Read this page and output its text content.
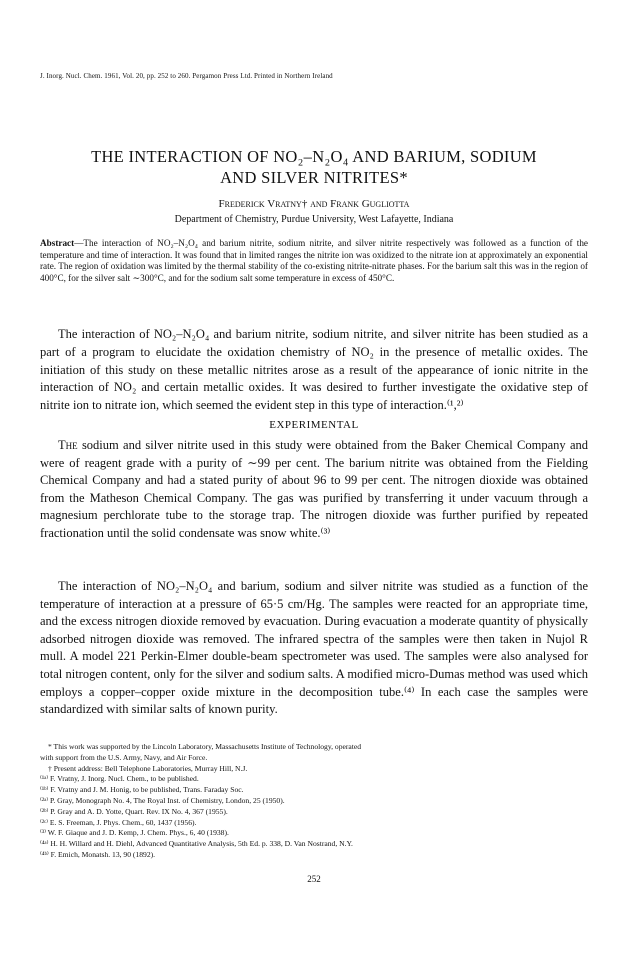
J. Inorg. Nucl. Chem. 1961, Vol. 20, pp. 252 to 260. Pergamon Press Ltd. Printed in Northern Ireland
THE INTERACTION OF NO₂–N₂O₄ AND BARIUM, SODIUM
AND SILVER NITRITES*
Frederick Vratny† and Frank Gugliotta
Department of Chemistry, Purdue University, West Lafayette, Indiana
Abstract—The interaction of NO₂–N₂O₄ and barium nitrite, sodium nitrite, and silver nitrite respectively was followed as a function of the temperature and time of interaction. It was found that in limited ranges the nitrite ion was oxidized to the nitrate ion at approximately an exponential rate. The region of oxidation was limited by the thermal stability of the co-existing nitrite-nitrate phases. For the barium salt this was in the region of 400°C, for the silver salt ∼300°C, and for the sodium salt some temperature in excess of 450°C.

The interaction of NO₂–N₂O₄ and barium nitrite, sodium nitrite, and silver nitrite has been studied as a part of a program to elucidate the oxidation chemistry of NO₂ in the presence of metallic oxides. The initiation of this study on these metallic nitrites arose as a result of the appearance of ionic nitrite in the interaction of NO₂ and certain metallic oxides. It was desired to further investigate the oxidative step of nitrite ion to nitrate ion, which seemed the evident step in this type of interaction.⁽¹,²⁾

EXPERIMENTAL

The sodium and silver nitrite used in this study were obtained from the Baker Chemical Company and were of reagent grade with a purity of ∼99 per cent. The barium nitrite was obtained from the Fielding Chemical Company and had a stated purity of about 96 to 99 per cent. The nitrogen dioxide was obtained from the Matheson Chemical Company. The gas was purified by transferring it under vacuum through a magnesium perchlorate tube to the storage trap. The nitrogen dioxide was further purified by repeated fractionation until the solid condensate was snow white.⁽³⁾

The interaction of NO₂–N₂O₄ and barium, sodium and silver nitrite was studied as a function of the temperature of interaction at a pressure of 65·5 cm/Hg. The samples were reacted for an appropriate time, and the excess nitrogen dioxide removed by evacuation. During evacuation a moderate quantity of physically adsorbed nitrogen dioxide was removed. The infrared spectra of the samples were then taken in Nujol R mull. A model 221 Perkin-Elmer double-beam spectrometer was used. The samples were also analysed for total nitrogen content, only for the silver and sodium salts. A modified micro-Dumas method was used which employs a copper–copper oxide mixture in the decomposition tube.⁽⁴⁾ In each case the samples were standardized with similar salts of known purity.

* This work was supported by the Lincoln Laboratory, Massachusetts Institute of Technology, operated
with support from the U.S. Army, Navy, and Air Force.
† Present address: Bell Telephone Laboratories, Murray Hill, N.J.
⁽¹ᵃ⁾ F. Vratny, J. Inorg. Nucl. Chem., to be published.
⁽¹ᵇ⁾ F. Vratny and J. M. Honig, to be published, Trans. Faraday Soc.
⁽²ᵃ⁾ P. Gray, Monograph No. 4, The Royal Inst. of Chemistry, London, 25 (1950).
⁽²ᵇ⁾ P. Gray and A. D. Yotte, Quart. Rev. IX No. 4, 367 (1955).
⁽²ᶜ⁾ E. S. Freeman, J. Phys. Chem., 60, 1437 (1956).
⁽³⁾ W. F. Giaque and J. D. Kemp, J. Chem. Phys., 6, 40 (1938).
⁽⁴ᵃ⁾ H. H. Willard and H. Diehl, Advanced Quantitative Analysis, 5th Ed. p. 338, D. Van Nostrand, N.Y.
⁽⁴ᵇ⁾ F. Emich, Monatsh. 13, 90 (1892).
252
